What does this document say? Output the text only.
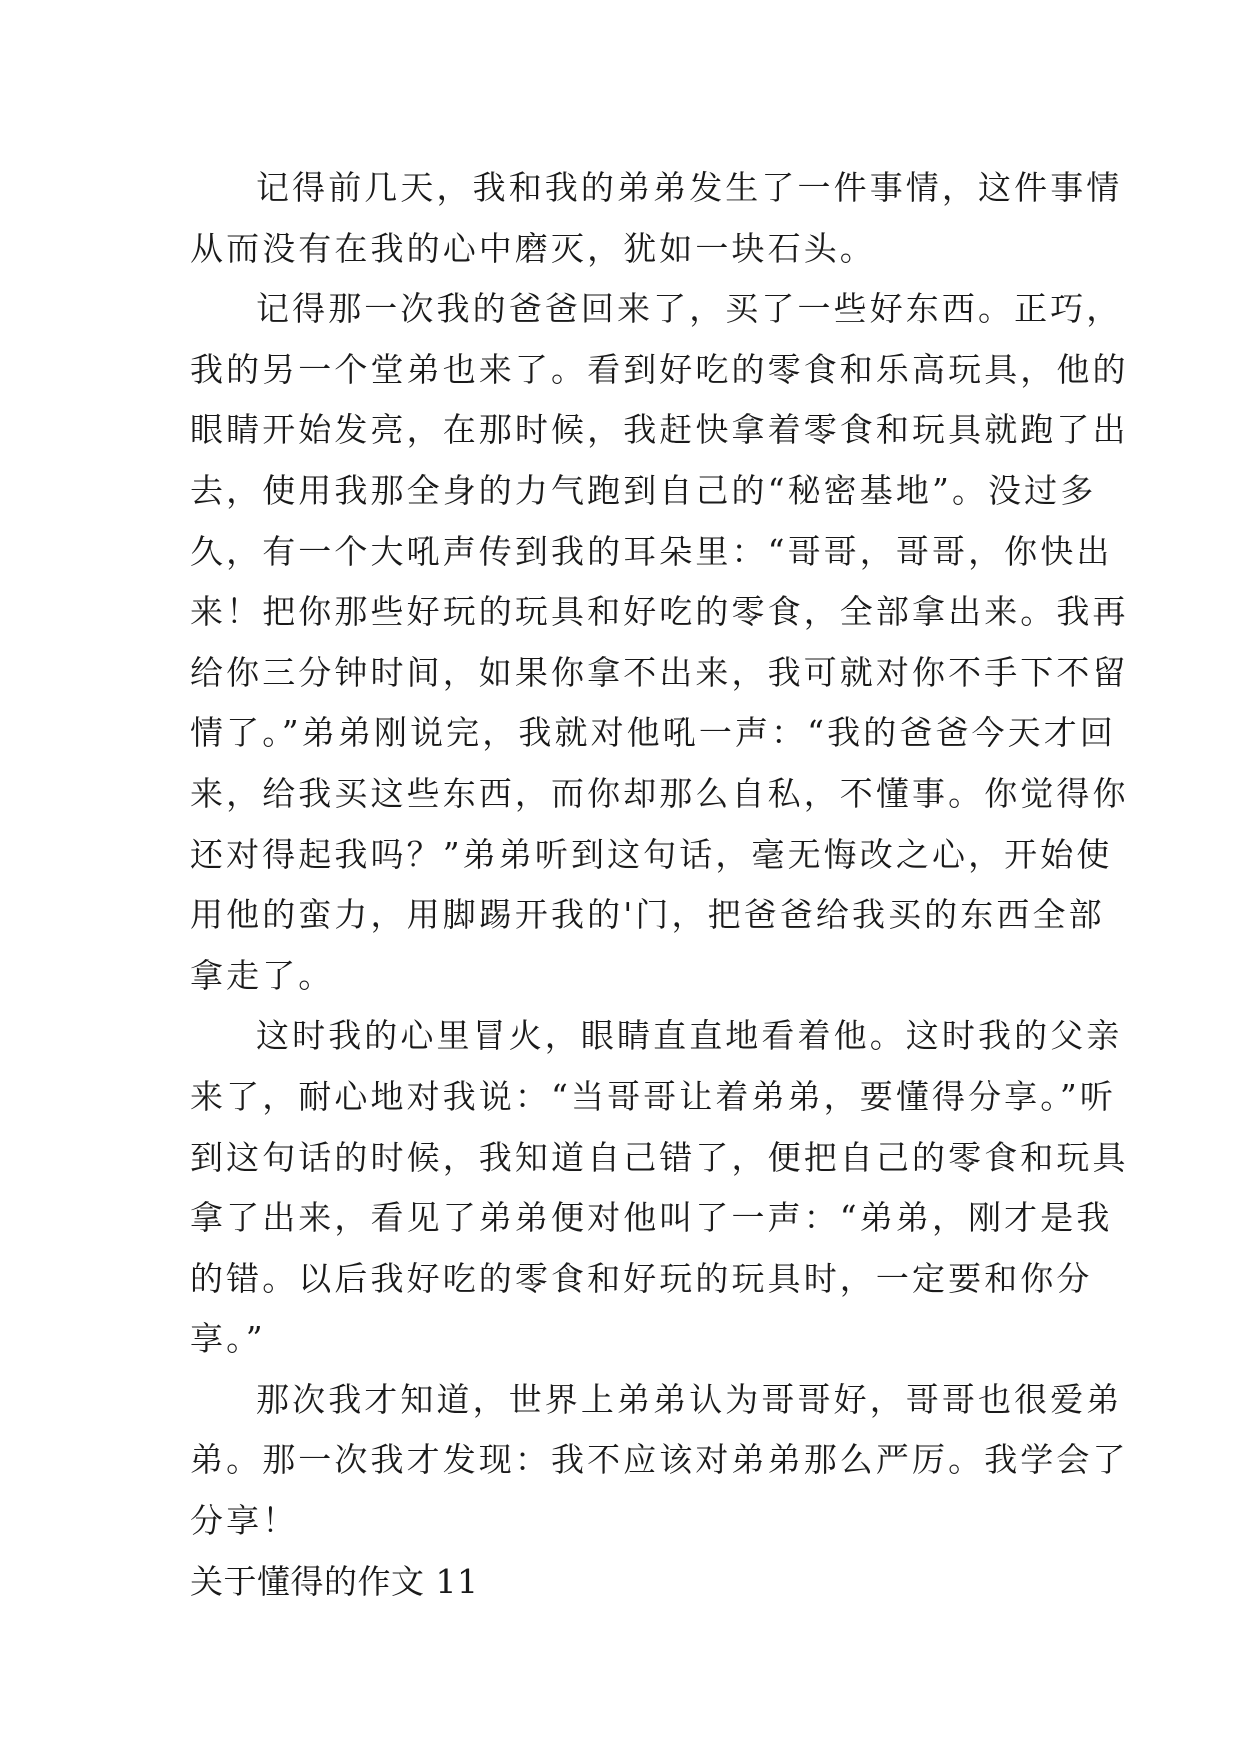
记得前几天，我和我的弟弟发生了一件事情，这件事情
从而没有在我的心中磨灭，犹如一块石头。

记得那一次我的爸爸回来了，买了一些好东西。正巧，
我的另一个堂弟也来了。看到好吃的零食和乐高玩具，他的
眼睛开始发亮，在那时候，我赶快拿着零食和玩具就跑了出
去，使用我那全身的力气跑到自己的“秘密基地”。没过多
久，有一个大吼声传到我的耳朵里：“哥哥，哥哥，你快出
来！把你那些好玩的玩具和好吃的零食，全部拿出来。我再
给你三分钟时间，如果你拿不出来，我可就对你不手下不留
情了。”弟弟刚说完，我就对他吼一声：“我的爸爸今天才回
来，给我买这些东西，而你却那么自私，不懂事。你觉得你
还对得起我吗？”弟弟听到这句话，毫无悔改之心，开始使
用他的蛮力，用脚踢开我的'门，把爸爸给我买的东西全部
拿走了。

这时我的心里冒火，眼睛直直地看着他。这时我的父亲
来了，耐心地对我说：“当哥哥让着弟弟，要懂得分享。”听
到这句话的时候，我知道自己错了，便把自己的零食和玩具
拿了出来，看见了弟弟便对他叫了一声：“弟弟，刚才是我
的错。以后我好吃的零食和好玩的玩具时，一定要和你分
享。”

那次我才知道，世界上弟弟认为哥哥好，哥哥也很爱弟
弟。那一次我才发现：我不应该对弟弟那么严厉。我学会了
分享！

关于懂得的作文 11
